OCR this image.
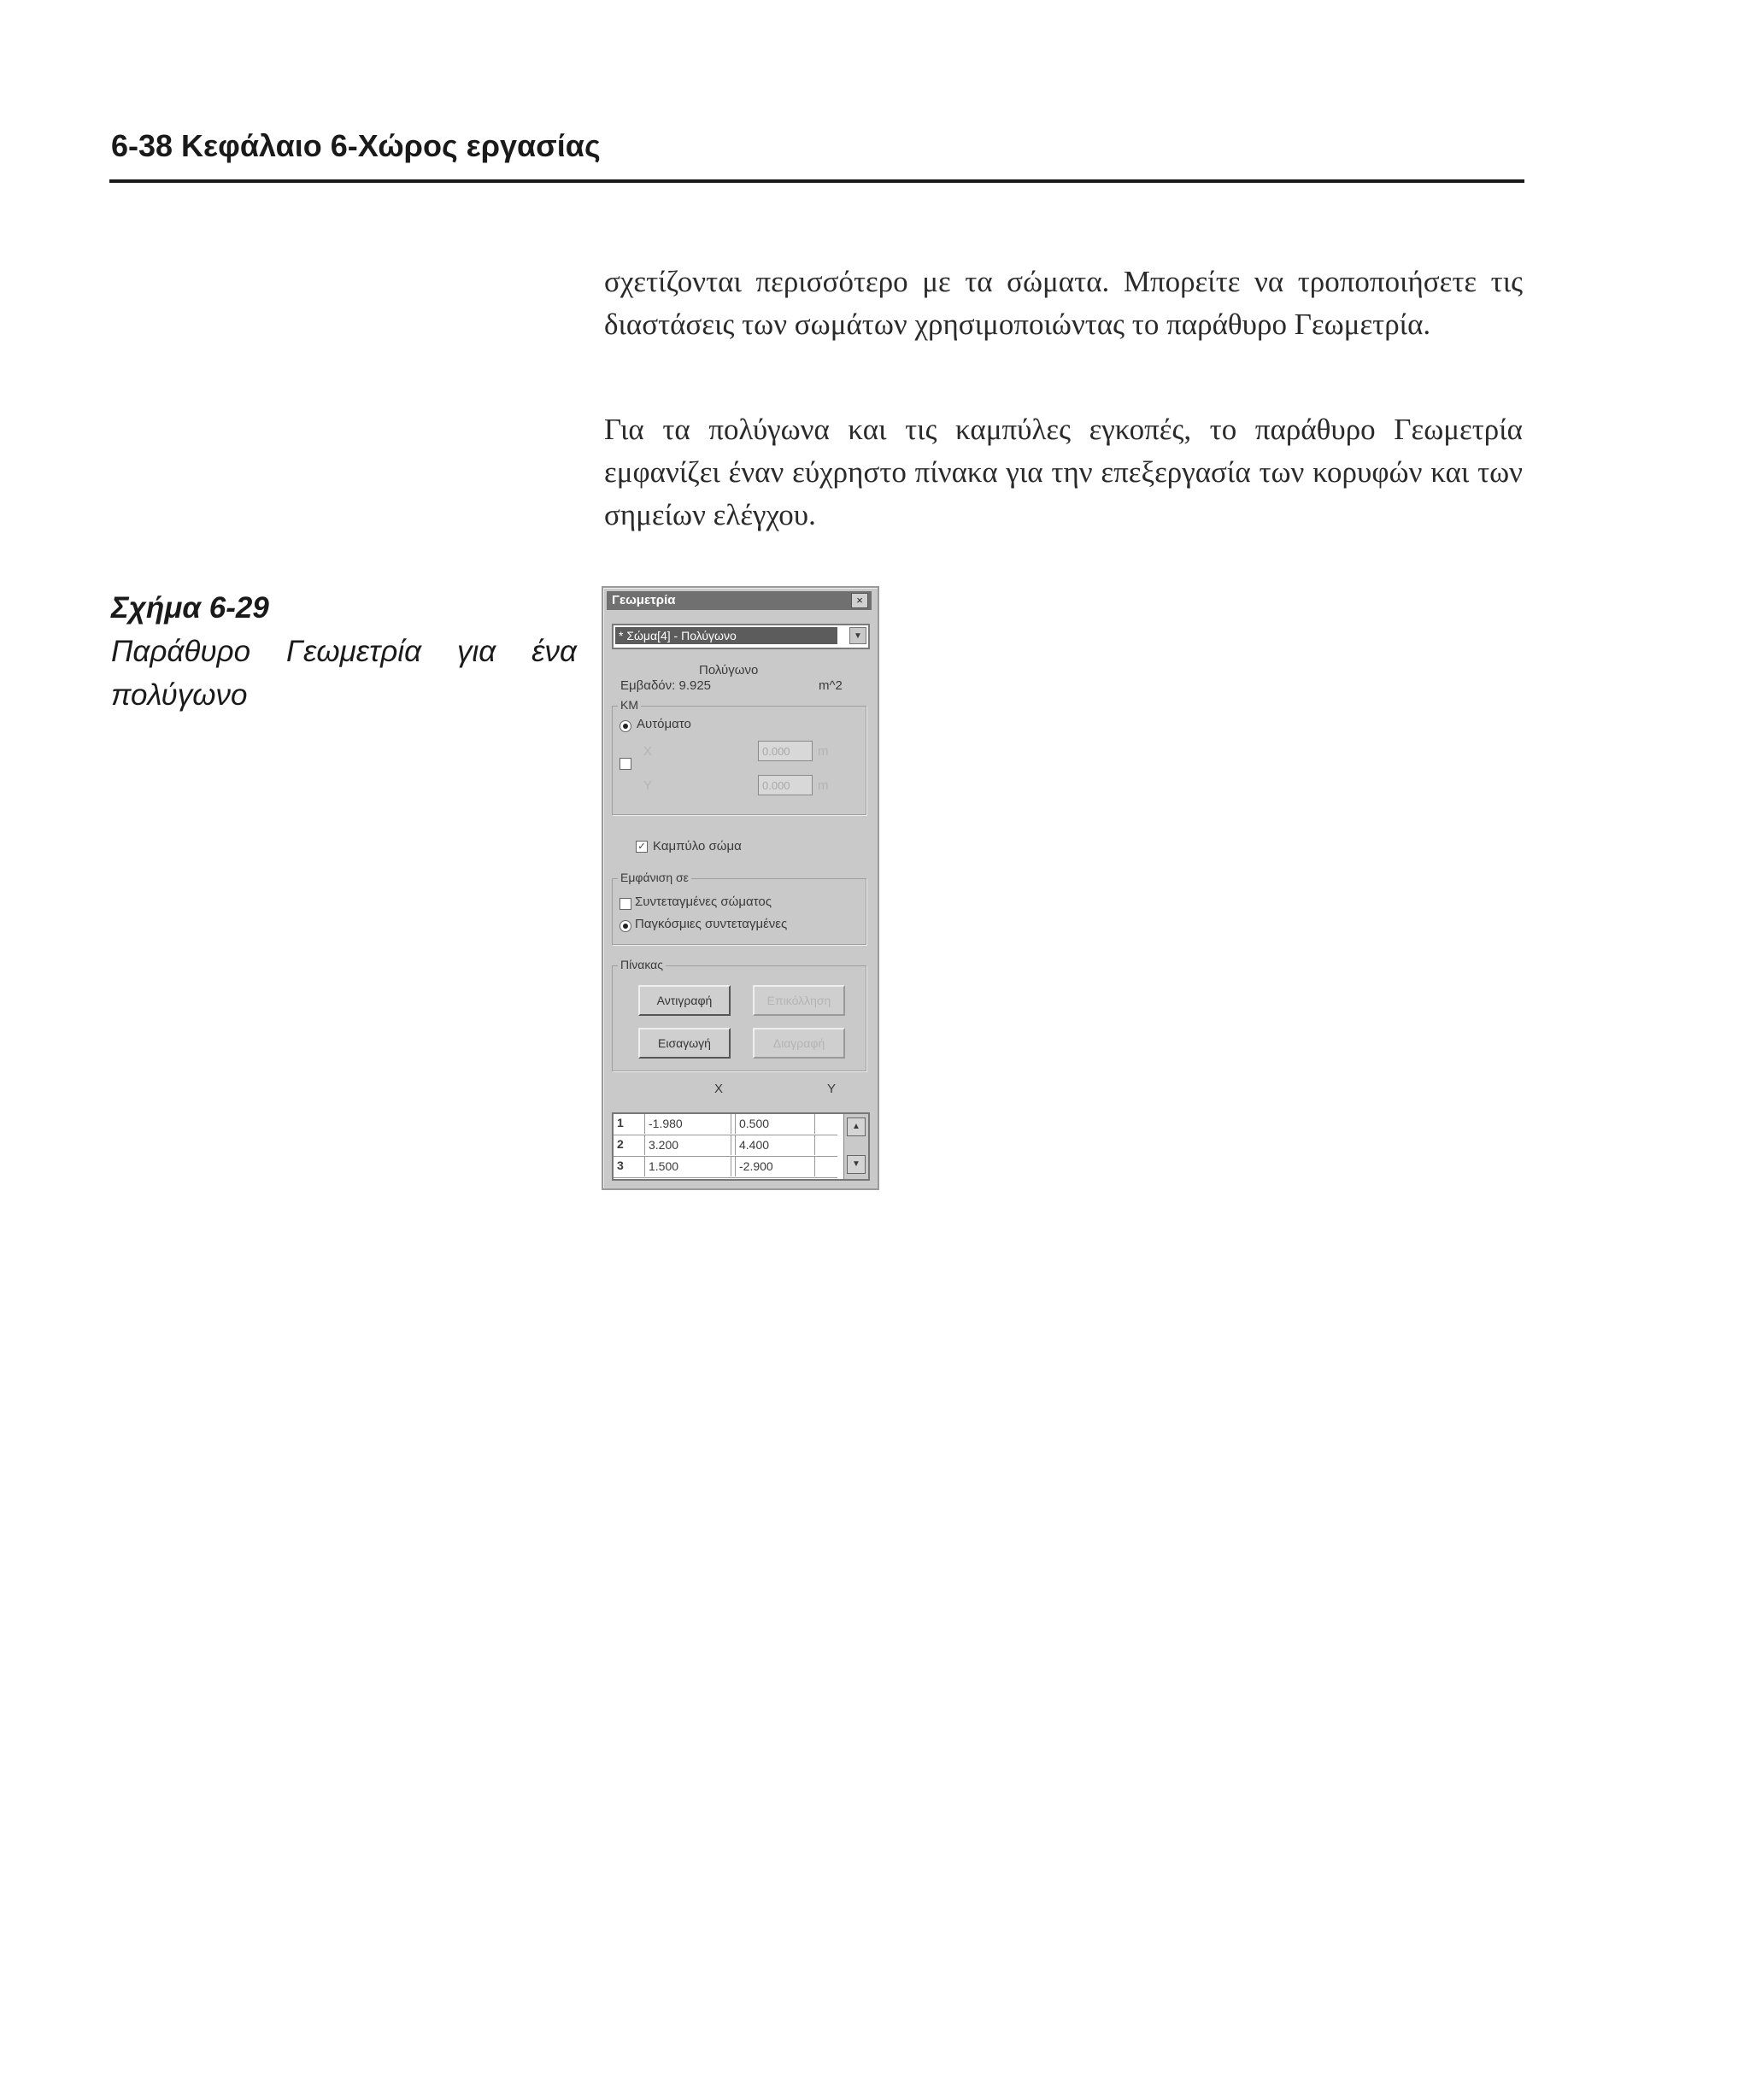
6-38 Κεφάλαιο 6-Χώρος εργασίας

σχετίζονται περισσότερο με τα σώματα. Μπορείτε να τροποποιήσετε τις διαστάσεις των σωμάτων χρησιμοποιώντας το παράθυρο Γεωμετρία.

Για τα πολύγωνα και τις καμπύλες εγκοπές, το παράθυρο Γεωμετρία εμφανίζει έναν εύχρηστο πίνακα για την επεξεργασία των κορυφών και των σημείων ελέγχου.

Σχήμα 6-29
Παράθυρο Γεωμετρία για ένα πολύγωνο
Γεωμετρία	×
* Σώμα[4] - Πολύγωνο	▼
Πολύγωνο
Εμβαδόν: 9.925	m^2
ΚΜ
Αυτόματο
Χ	0.000	m
Υ	0.000	m
✓ Καμπύλο σώμα
Εμφάνιση σε
Συντεταγμένες σώματος
Παγκόσμιες συντεταγμένες
Πίνακας
Αντιγραφή	Επικόλληση
Εισαγωγή	Διαγραφή
X	Y
1	-1.980	0.500
2	3.200	4.400
3	1.500	-2.900
▲
▼
